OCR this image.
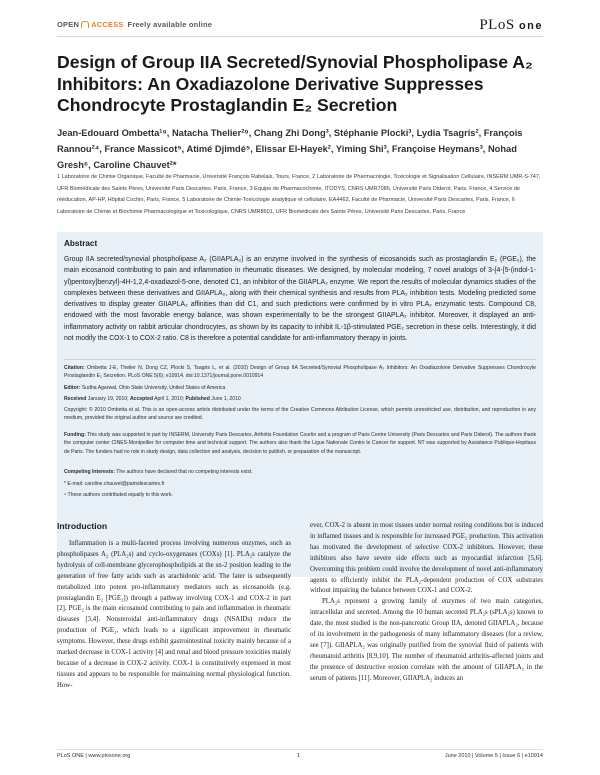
OPEN ACCESS Freely available online	PLoS one
Design of Group IIA Secreted/Synovial Phospholipase A₂ Inhibitors: An Oxadiazolone Derivative Suppresses Chondrocyte Prostaglandin E₂ Secretion
Jean-Edouard Ombetta¹⁹, Natacha Thelier²⁹, Chang Zhi Dong³, Stéphanie Plocki³, Lydia Tsagris², François Rannou²⁴, France Massicot⁵, Atimé Djimdé⁵, Elissar El-Hayek², Yiming Shi³, Françoise Heymans³, Nohad Gresh⁶, Caroline Chauvet²*
1 Laboratoire de Chimie Organique, Faculté de Pharmacie, Université François Rabelais, Tours, France, 2 Laboratoire de Pharmacologie, Toxicologie et Signalisation Cellulaire, INSERM UMR-S-747, UFR Biomédicale des Saints Pères, Université Paris Descartes, Paris, France, 3 Equipe de Pharmacochimie, ITODYS, CNRS UMR7086, Université Paris Diderot, Paris, France, 4 Service de rééducation, AP-HP, Hôpital Cochin, Paris, France, 5 Laboratoire de Chimie-Toxicologie analytique et cellulaire, EA4463, Faculté de Pharmacie, Université Paris Descartes, Paris, France, 6 Laboratoire de Chimie et Biochimie Pharmacologique et Toxicologique, CNRS UMR8601, UFR Biomédicale des Saints Pères, Université Paris Descartes, Paris, France
Abstract
Group IIA secreted/synovial phospholipase A₂ (GIIAPLA₂) is an enzyme involved in the synthesis of eicosanoids such as prostaglandin E₂ (PGE₂), the main eicosanoid contributing to pain and inflammation in rheumatic diseases. We designed, by molecular modeling, 7 novel analogs of 3-{4-[5-(indol-1-yl)pentoxy]benzyl}-4H-1,2,4-oxadiazol-5-one, denoted C1, an inhibitor of the GIIAPLA₂ enzyme. We report the results of molecular dynamics studies of the complexes between these derivatives and GIIAPLA₂, along with their chemical synthesis and results from PLA₂ inhibition tests. Modeling predicted some derivatives to display greater GIIAPLA₂ affinities than did C1, and such predictions were confirmed by in vitro PLA₂ enzymatic tests. Compound C8, endowed with the most favorable energy balance, was shown experimentally to be the strongest GIIAPLA₂ inhibitor. Moreover, it displayed an anti-inflammatory activity on rabbit articular chondrocytes, as shown by its capacity to inhibit IL-1β-stimulated PGE₂ secretion in these cells. Interestingly, it did not modify the COX-1 to COX-2 ratio. C8 is therefore a potential candidate for anti-inflammatory therapy in joints.
Citation: Ombetta J-E, Thelier N, Dong CZ, Plocki S, Tsagris L, et al. (2010) Design of Group IIA Secreted/Synovial Phospholipase A₂ Inhibitors: An Oxadiazolone Derivative Suppresses Chondrocyte Prostaglandin E₂ Secretion. PLoS ONE 5(6): e10914. doi:10.1371/journal.pone.0010914
Editor: Sudha Agarwal, Ohio State University, United States of America
Received January 19, 2010; Accepted April 1, 2010; Published June 1, 2010
Copyright: © 2010 Ombetta et al. This is an open-access article distributed under the terms of the Creative Commons Attribution License, which permits unrestricted use, distribution, and reproduction in any medium, provided the original author and source are credited.
Funding: This study was supported in part by INSERM, University Paris Descartes, Arthritis Foundation Courtin and a program of Paris Centre University (Paris Descartes and Paris Diderot). The authors thank the computer center CINES-Montpellier for computer time and technical support. The authors also thank the Ligue Nationale Contre le Cancer for support. NT was supported by Assistance Publique-Hopitaux de Paris. The funders had no role in study design, data collection and analysis, decision to publish, or preparation of the manuscript.
Competing Interests: The authors have declared that no competing interests exist.
* E-mail: caroline.chauvet@parisdescartes.fr
⁹ These authors contributed equally to this work.
Introduction
Inflammation is a multi-faceted process involving numerous enzymes, such as phospholipases A₂ (PLA₂s) and cyclo-oxygenases (COXs) [1]. PLA₂s catalyze the hydrolysis of cell-membrane glycerophospholipids at the sn-2 position leading to the generation of free fatty acids such as arachidonic acid. The later is subsequently metabolized into potent pro-inflammatory mediators such as eicosanoids (e.g. prostaglandin E₂ [PGE₂]) through a pathway involving COX-1 and COX-2 in part [2]. PGE₂ is the main eicosanoid contributing to pain and inflammation in rheumatic diseases [3,4]. Nonsteroidal anti-inflammatory drugs (NSAIDs) reduce the production of PGE₂, which leads to a significant improvement in rheumatic symptoms. However, these drugs exhibit gastrointestinal toxicity mainly because of a marked decrease in COX-1 activity [4] and renal and blood pressure toxicities mainly because of a decrease in COX-2 activity. COX-1 is constitutively expressed in most tissues and appears to be responsible for maintaining normal physiological function. How-

ever, COX-2 is absent in most tissues under normal resting conditions but is induced in inflamed tissues and is responsible for increased PGE₂ production. This activation has motivated the development of selective COX-2 inhibitors. However, these inhibitors also have severe side effects such as myocardial infarction [5,6]. Overcoming this problem could involve the development of novel anti-inflammatory agents to efficiently inhibit the PLA₂-dependent production of COX substrates without impairing the balance between COX-1 and COX-2.

PLA₂s represent a growing family of enzymes of two main categories, intracellular and secreted. Among the 10 human secreted PLA₂s (sPLA₂s) known to date, the most studied is the non-pancreatic Group IIA, denoted GIIAPLA₂, because of its involvement in the pathogenesis of many inflammatory diseases (for a review, see [7]). GIIAPLA₂ was originally purified from the synovial fluid of patients with rheumatoid arthritis [8,9,10]. The number of rheumatoid arthritis-affected joints and the presence of destructive erosion correlate with the amount of GIIAPLA₂ in the serum of patients [11]. Moreover, GIIAPLA₂ induces an

PLoS ONE | www.plosone.org	1	June 2010 | Volume 5 | Issue 6 | e10914
